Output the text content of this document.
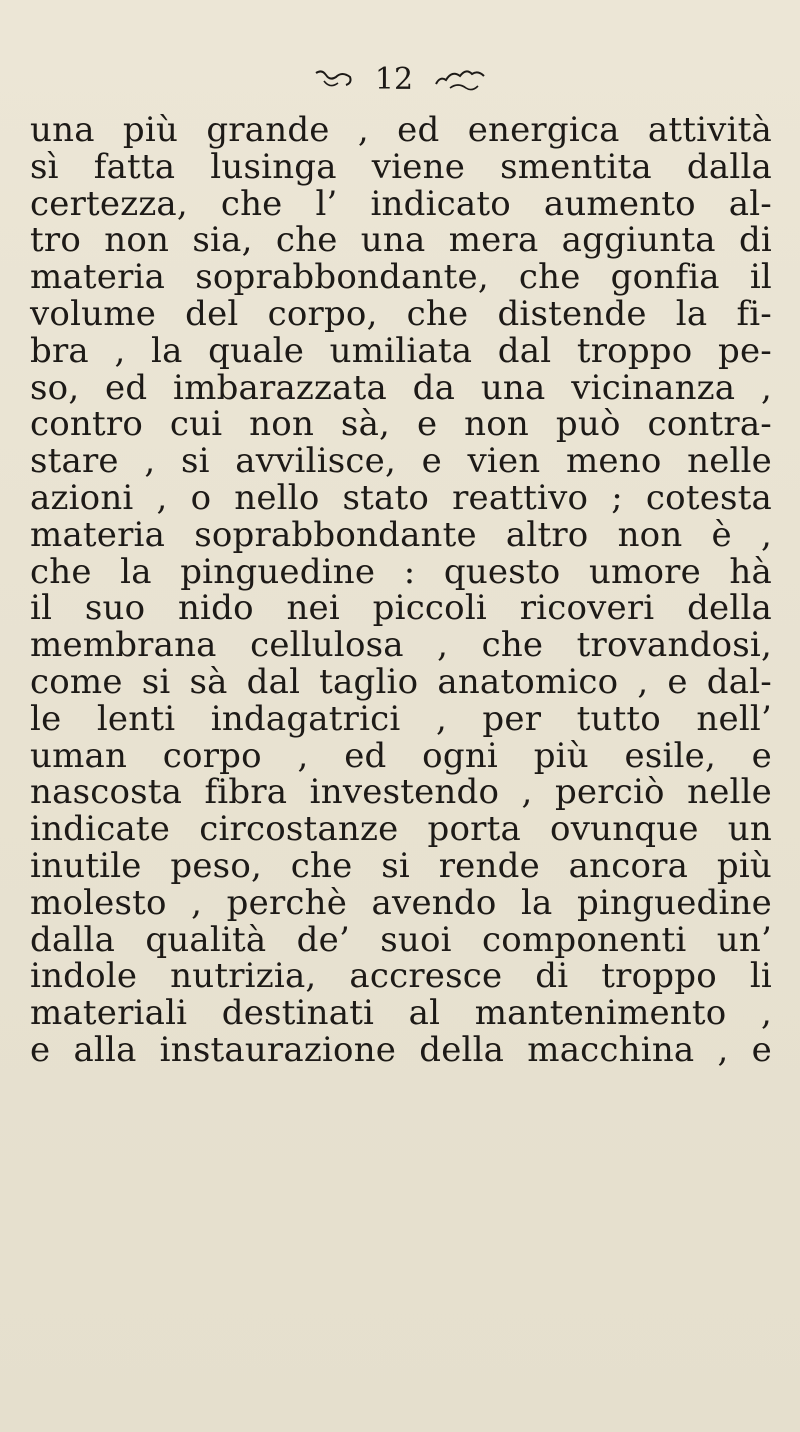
12
una più grande , ed energica attività
sì fatta lusinga viene smentita dalla
certezza, che l’ indicato aumento al-
tro non sia, che una mera aggiunta di
materia soprabbondante, che gonfia il
volume del corpo, che distende la fi-
bra , la quale umiliata dal troppo pe-
so, ed imbarazzata da una vicinanza ,
contro cui non sà, e non può contra-
stare , si avvilisce, e vien meno nelle
azioni , o nello stato reattivo ; cotesta
materia soprabbondante altro non è ,
che la pinguedine : questo umore hà
il suo nido nei piccoli ricoveri della
membrana cellulosa , che trovandosi,
come si sà dal taglio anatomico , e dal-
le lenti indagatrici , per tutto nell’
uman corpo , ed ogni più esile, e
nascosta fibra investendo , perciò nelle
indicate circostanze porta ovunque un
inutile peso, che si rende ancora più
molesto , perchè avendo la pinguedine
dalla qualità de’ suoi componenti un’
indole nutrizia, accresce di troppo li
materiali destinati al mantenimento ,
e alla instaurazione della macchina , e
